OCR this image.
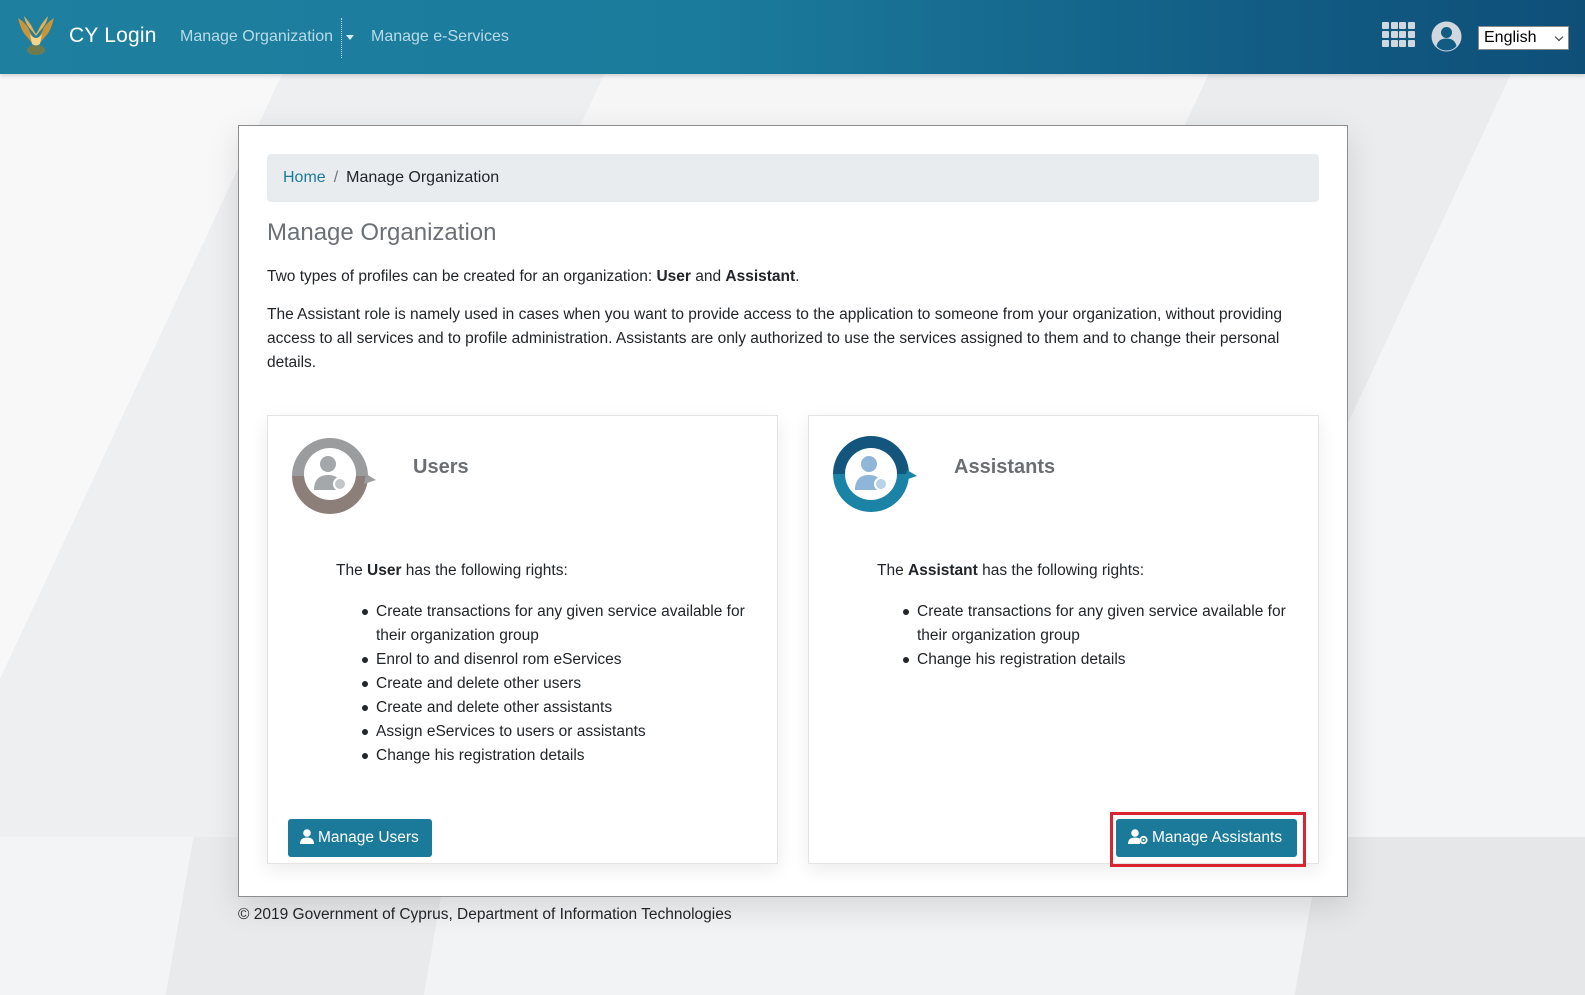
CY Login Manage Organization Manage e-Services	English
Home / Manage Organization
Manage Organization

Two types of profiles can be created for an organization: User and Assistant.

The Assistant role is namely used in cases when you want to provide access to the application to someone from your organization, without providing access to all services and to profile administration. Assistants are only authorized to use the services assigned to them and to change their personal details.

Users

The User has the following rights:

Create transactions for any given service available for their organization group
Enrol to and disenrol rom eServices
Create and delete other users
Create and delete other assistants
Assign eServices to users or assistants
Change his registration details
Manage Users
Assistants

The Assistant has the following rights:

Create transactions for any given service available for their organization group
Change his registration details
Manage Assistants
© 2019 Government of Cyprus, Department of Information Technologies
